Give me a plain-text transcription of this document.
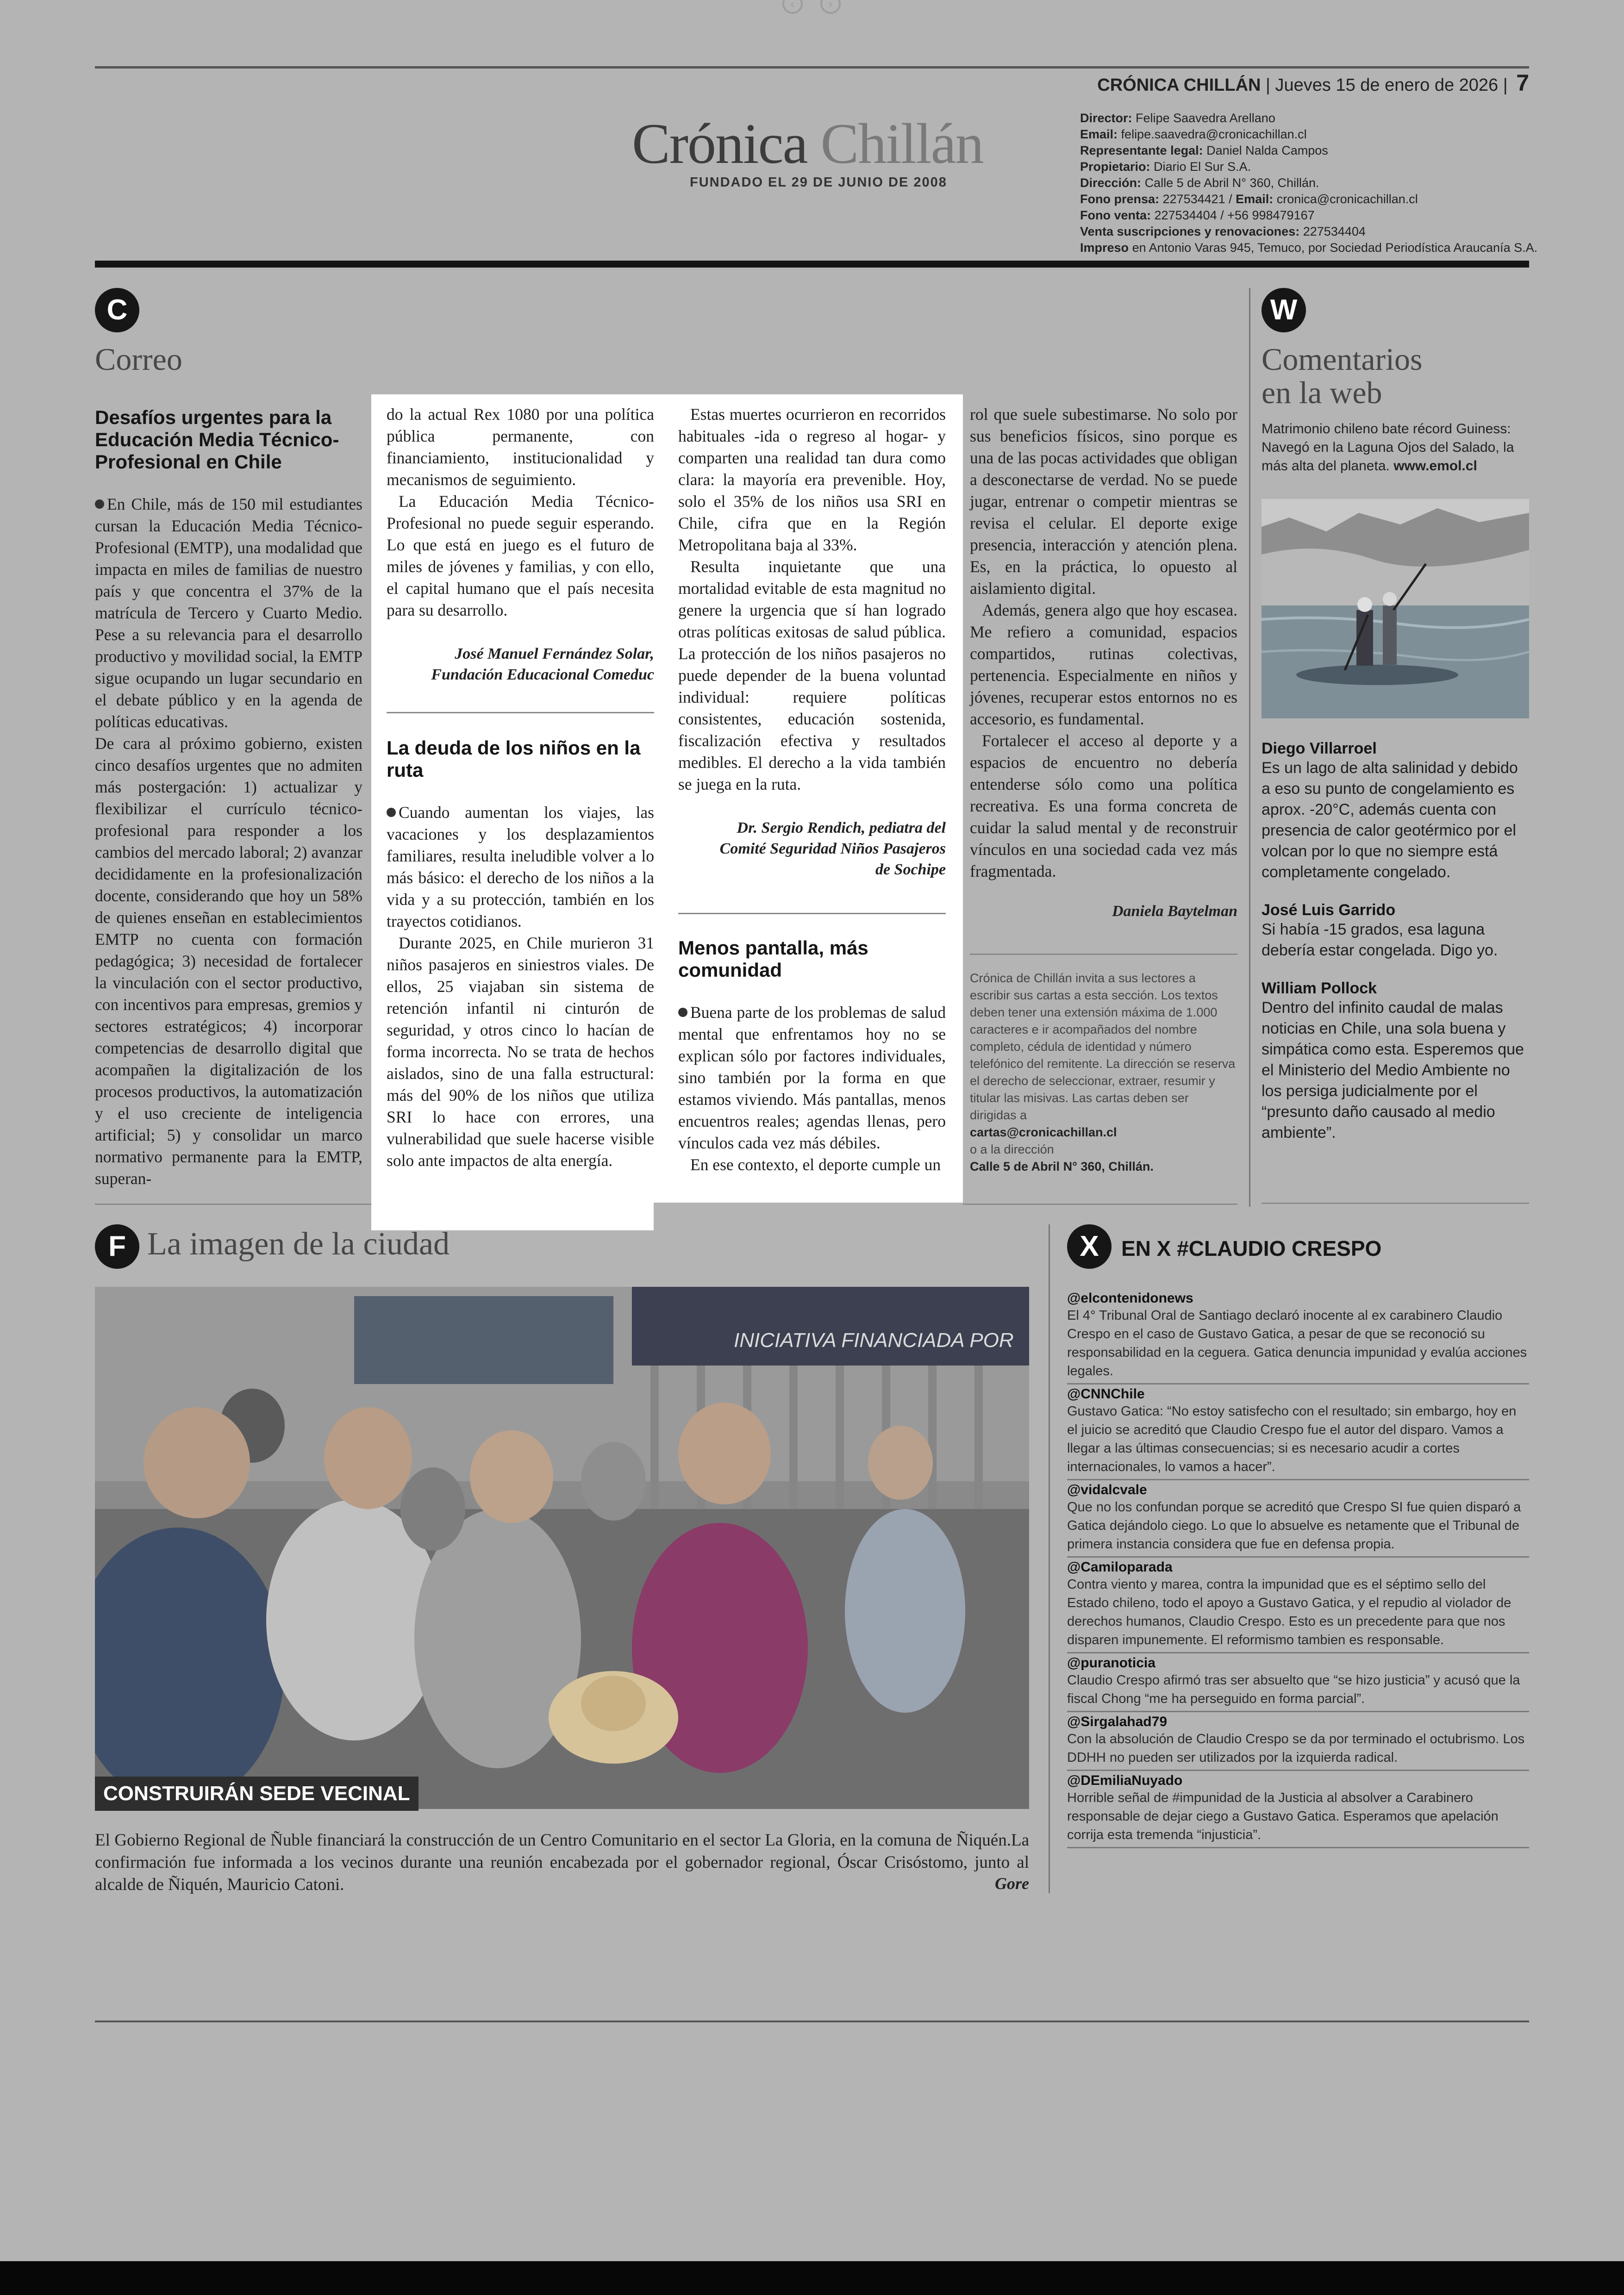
‹	›
CRÓNICA CHILLÁN | Jueves 15 de enero de 2026 | 7
Crónica Chillán
FUNDADO EL 29 DE JUNIO DE 2008
Director: Felipe Saavedra Arellano
Email: felipe.saavedra@cronicachillan.cl
Representante legal: Daniel Nalda Campos
Propietario: Diario El Sur S.A.
Dirección: Calle 5 de Abril N° 360, Chillán.
Fono prensa: 227534421 / Email: cronica@cronicachillan.cl
Fono venta: 227534404 / +56 998479167
Venta suscripciones y renovaciones: 227534404
Impreso en Antonio Varas 945, Temuco, por Sociedad Periodística Araucanía S.A.
C
Correo
Desafíos urgentes para la Educación Media Técnico-Profesional en Chile

En Chile, más de 150 mil estudiantes cursan la Educación Media Técnico-Profesional (EMTP), una modalidad que impacta en miles de familias de nuestro país y que concentra el 37% de la matrícula de Tercero y Cuarto Medio. Pese a su relevancia para el desarrollo productivo y movilidad social, la EMTP sigue ocupando un lugar secundario en el debate público y en la agenda de políticas educativas.

De cara al próximo gobierno, existen cinco desafíos urgentes que no admiten más postergación: 1) actualizar y flexibilizar el currículo técnico-profesional para responder a los cambios del mercado laboral; 2) avanzar decididamente en la profesionalización docente, considerando que hoy un 58% de quienes enseñan en establecimientos EMTP no cuenta con formación pedagógica; 3) necesidad de fortalecer la vinculación con el sector productivo, con incentivos para empresas, gremios y sectores estratégicos; 4) incorporar competencias de desarrollo digital que acompañen la digitalización de los procesos productivos, la automatización y el uso creciente de inteligencia artificial; 5) y consolidar un marco normativo permanente para la EMTP, superan-

do la actual Rex 1080 por una política pública permanente, con financiamiento, institucionalidad y mecanismos de seguimiento.

La Educación Media Técnico-Profesional no puede seguir esperando. Lo que está en juego es el futuro de miles de jóvenes y familias, y con ello, el capital humano que el país necesita para su desarrollo.

José Manuel Fernández Solar,
Fundación Educacional Comeduc
La deuda de los niños en la ruta

Cuando aumentan los viajes, las vacaciones y los desplazamientos familiares, resulta ineludible volver a lo más básico: el derecho de los niños a la vida y a su protección, también en los trayectos cotidianos.

Durante 2025, en Chile murieron 31 niños pasajeros en siniestros viales. De ellos, 25 viajaban sin sistema de retención infantil ni cinturón de seguridad, y otros cinco lo hacían de forma incorrecta. No se trata de hechos aislados, sino de una falla estructural: más del 90% de los niños que utiliza SRI lo hace con errores, una vulnerabilidad que suele hacerse visible solo ante impactos de alta energía.

Estas muertes ocurrieron en recorridos habituales -ida o regreso al hogar- y comparten una realidad tan dura como clara: la mayoría era prevenible. Hoy, solo el 35% de los niños usa SRI en Chile, cifra que en la Región Metropolitana baja al 33%.

Resulta inquietante que una mortalidad evitable de esta magnitud no genere la urgencia que sí han logrado otras políticas exitosas de salud pública. La protección de los niños pasajeros no puede depender de la buena voluntad individual: requiere políticas consistentes, educación sostenida, fiscalización efectiva y resultados medibles. El derecho a la vida también se juega en la ruta.

Dr. Sergio Rendich, pediatra del
Comité Seguridad Niños Pasajeros
de Sochipe
Menos pantalla, más comunidad

Buena parte de los problemas de salud mental que enfrentamos hoy no se explican sólo por factores individuales, sino también por la forma en que estamos viviendo. Más pantallas, menos encuentros reales; agendas llenas, pero vínculos cada vez más débiles.

En ese contexto, el deporte cumple un

rol que suele subestimarse. No solo por sus beneficios físicos, sino porque es una de las pocas actividades que obligan a desconectarse de verdad. No se puede jugar, entrenar o competir mientras se revisa el celular. El deporte exige presencia, interacción y atención plena. Es, en la práctica, lo opuesto al aislamiento digital.

Además, genera algo que hoy escasea. Me refiero a comunidad, espacios compartidos, rutinas colectivas, pertenencia. Especialmente en niños y jóvenes, recuperar estos entornos no es accesorio, es fundamental.

Fortalecer el acceso al deporte y a espacios de encuentro no debería entenderse sólo como una política recreativa. Es una forma concreta de cuidar la salud mental y de reconstruir vínculos en una sociedad cada vez más fragmentada.

Daniela Baytelman
Crónica de Chillán invita a sus lectores a escribir sus cartas a esta sección. Los textos deben tener una extensión máxima de 1.000 caracteres e ir acompañados del nombre completo, cédula de identidad y número telefónico del remitente. La dirección se reserva el derecho de seleccionar, extraer, resumir y titular las misivas. Las cartas deben ser dirigidas a
cartas@cronicachillan.cl
o a la dirección
Calle 5 de Abril N° 360, Chillán.
W
Comentarios
en la web
Matrimonio chileno bate récord Guiness: Navegó en la Laguna Ojos del Salado, la más alta del planeta. www.emol.cl
Diego Villarroel
Es un lago de alta salinidad y debido a eso su punto de congelamiento es aprox. -20°C, además cuenta con presencia de calor geotérmico por el volcan por lo que no siempre está completamente congelado.
José Luis Garrido
Si había -15 grados, esa laguna debería estar congelada. Digo yo.
William Pollock
Dentro del infinito caudal de malas noticias en Chile, una sola buena y simpática como esta. Esperemos que el Ministerio del Medio Ambiente no los persiga judicialmente por el “presunto daño causado al medio ambiente”.
F La imagen de la ciudad
INICIATIVA FINANCIADA POR
CONSTRUIRÁN SEDE VECINAL
El Gobierno Regional de Ñuble financiará la construcción de un Centro Comunitario en el sector La Gloria, en la comuna de Ñiquén.La confirmación fue informada a los vecinos durante una reunión encabezada por el gobernador regional, Óscar Crisóstomo, junto al alcalde de Ñiquén, Mauricio Catoni.	Gore
X	EN X #CLAUDIO CRESPO
@elcontenidonews
El 4° Tribunal Oral de Santiago declaró inocente al ex carabinero Claudio Crespo en el caso de Gustavo Gatica, a pesar de que se reconoció su responsabilidad en la ceguera. Gatica denuncia impunidad y evalúa acciones legales.
@CNNChile
Gustavo Gatica: “No estoy satisfecho con el resultado; sin embargo, hoy en el juicio se acreditó que Claudio Crespo fue el autor del disparo. Vamos a llegar a las últimas consecuencias; si es necesario acudir a cortes internacionales, lo vamos a hacer”.
@vidalcvale
Que no los confundan porque se acreditó que Crespo SI fue quien disparó a Gatica dejándolo ciego. Lo que lo absuelve es netamente que el Tribunal de primera instancia considera que fue en defensa propia.
@Camiloparada
Contra viento y marea, contra la impunidad que es el séptimo sello del Estado chileno, todo el apoyo a Gustavo Gatica, y el repudio al violador de derechos humanos, Claudio Crespo. Esto es un precedente para que nos disparen impunemente. El reformismo tambien es responsable.
@puranoticia
Claudio Crespo afirmó tras ser absuelto que “se hizo justicia” y acusó que la fiscal Chong “me ha perseguido en forma parcial”.
@Sirgalahad79
Con la absolución de Claudio Crespo se da por terminado el octubrismo. Los DDHH no pueden ser utilizados por la izquierda radical.
@DEmiliaNuyado
Horrible señal de #impunidad de la Justicia al absolver a Carabinero responsable de dejar ciego a Gustavo Gatica. Esperamos que apelación corrija esta tremenda “injusticia”.
